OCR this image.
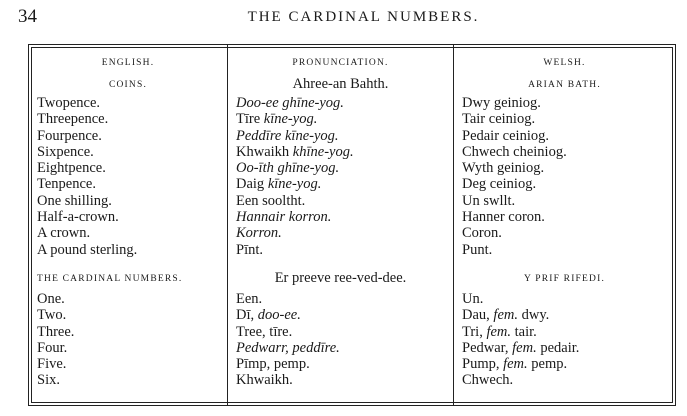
34	THE CARDINAL NUMBERS.
ENGLISH.
COINS.
Twopence.
Threepence.
Fourpence.
Sixpence.
Eightpence.
Tenpence.
One shilling.
Half-a-crown.
A crown.
A pound sterling.
THE CARDINAL NUMBERS.
One.
Two.
Three.
Four.
Five.
Six.
PRONUNCIATION.
Ahree-an Bahth.
Doo-ee ghīne-yog.
Tīre kīne-yog.
Peddīre kīne-yog.
Khwaikh khīne-yog.
Oo-īth ghīne-yog.
Daig kīne-yog.
Een sooltht.
Hannair korron.
Korron.
Pīnt.
Er preeve ree-ved-dee.
Een.
Dī, doo-ee.
Tree, tīre.
Pedwarr, peddīre.
Pīmp, pemp.
Khwaikh.
WELSH.
ARIAN BATH.
Dwy geiniog.
Tair ceiniog.
Pedair ceiniog.
Chwech cheiniog.
Wyth geiniog.
Deg ceiniog.
Un swllt.
Hanner coron.
Coron.
Punt.
Y PRIF RIFEDI.
Un.
Dau, fem. dwy.
Tri, fem. tair.
Pedwar, fem. pedair.
Pump, fem. pemp.
Chwech.
